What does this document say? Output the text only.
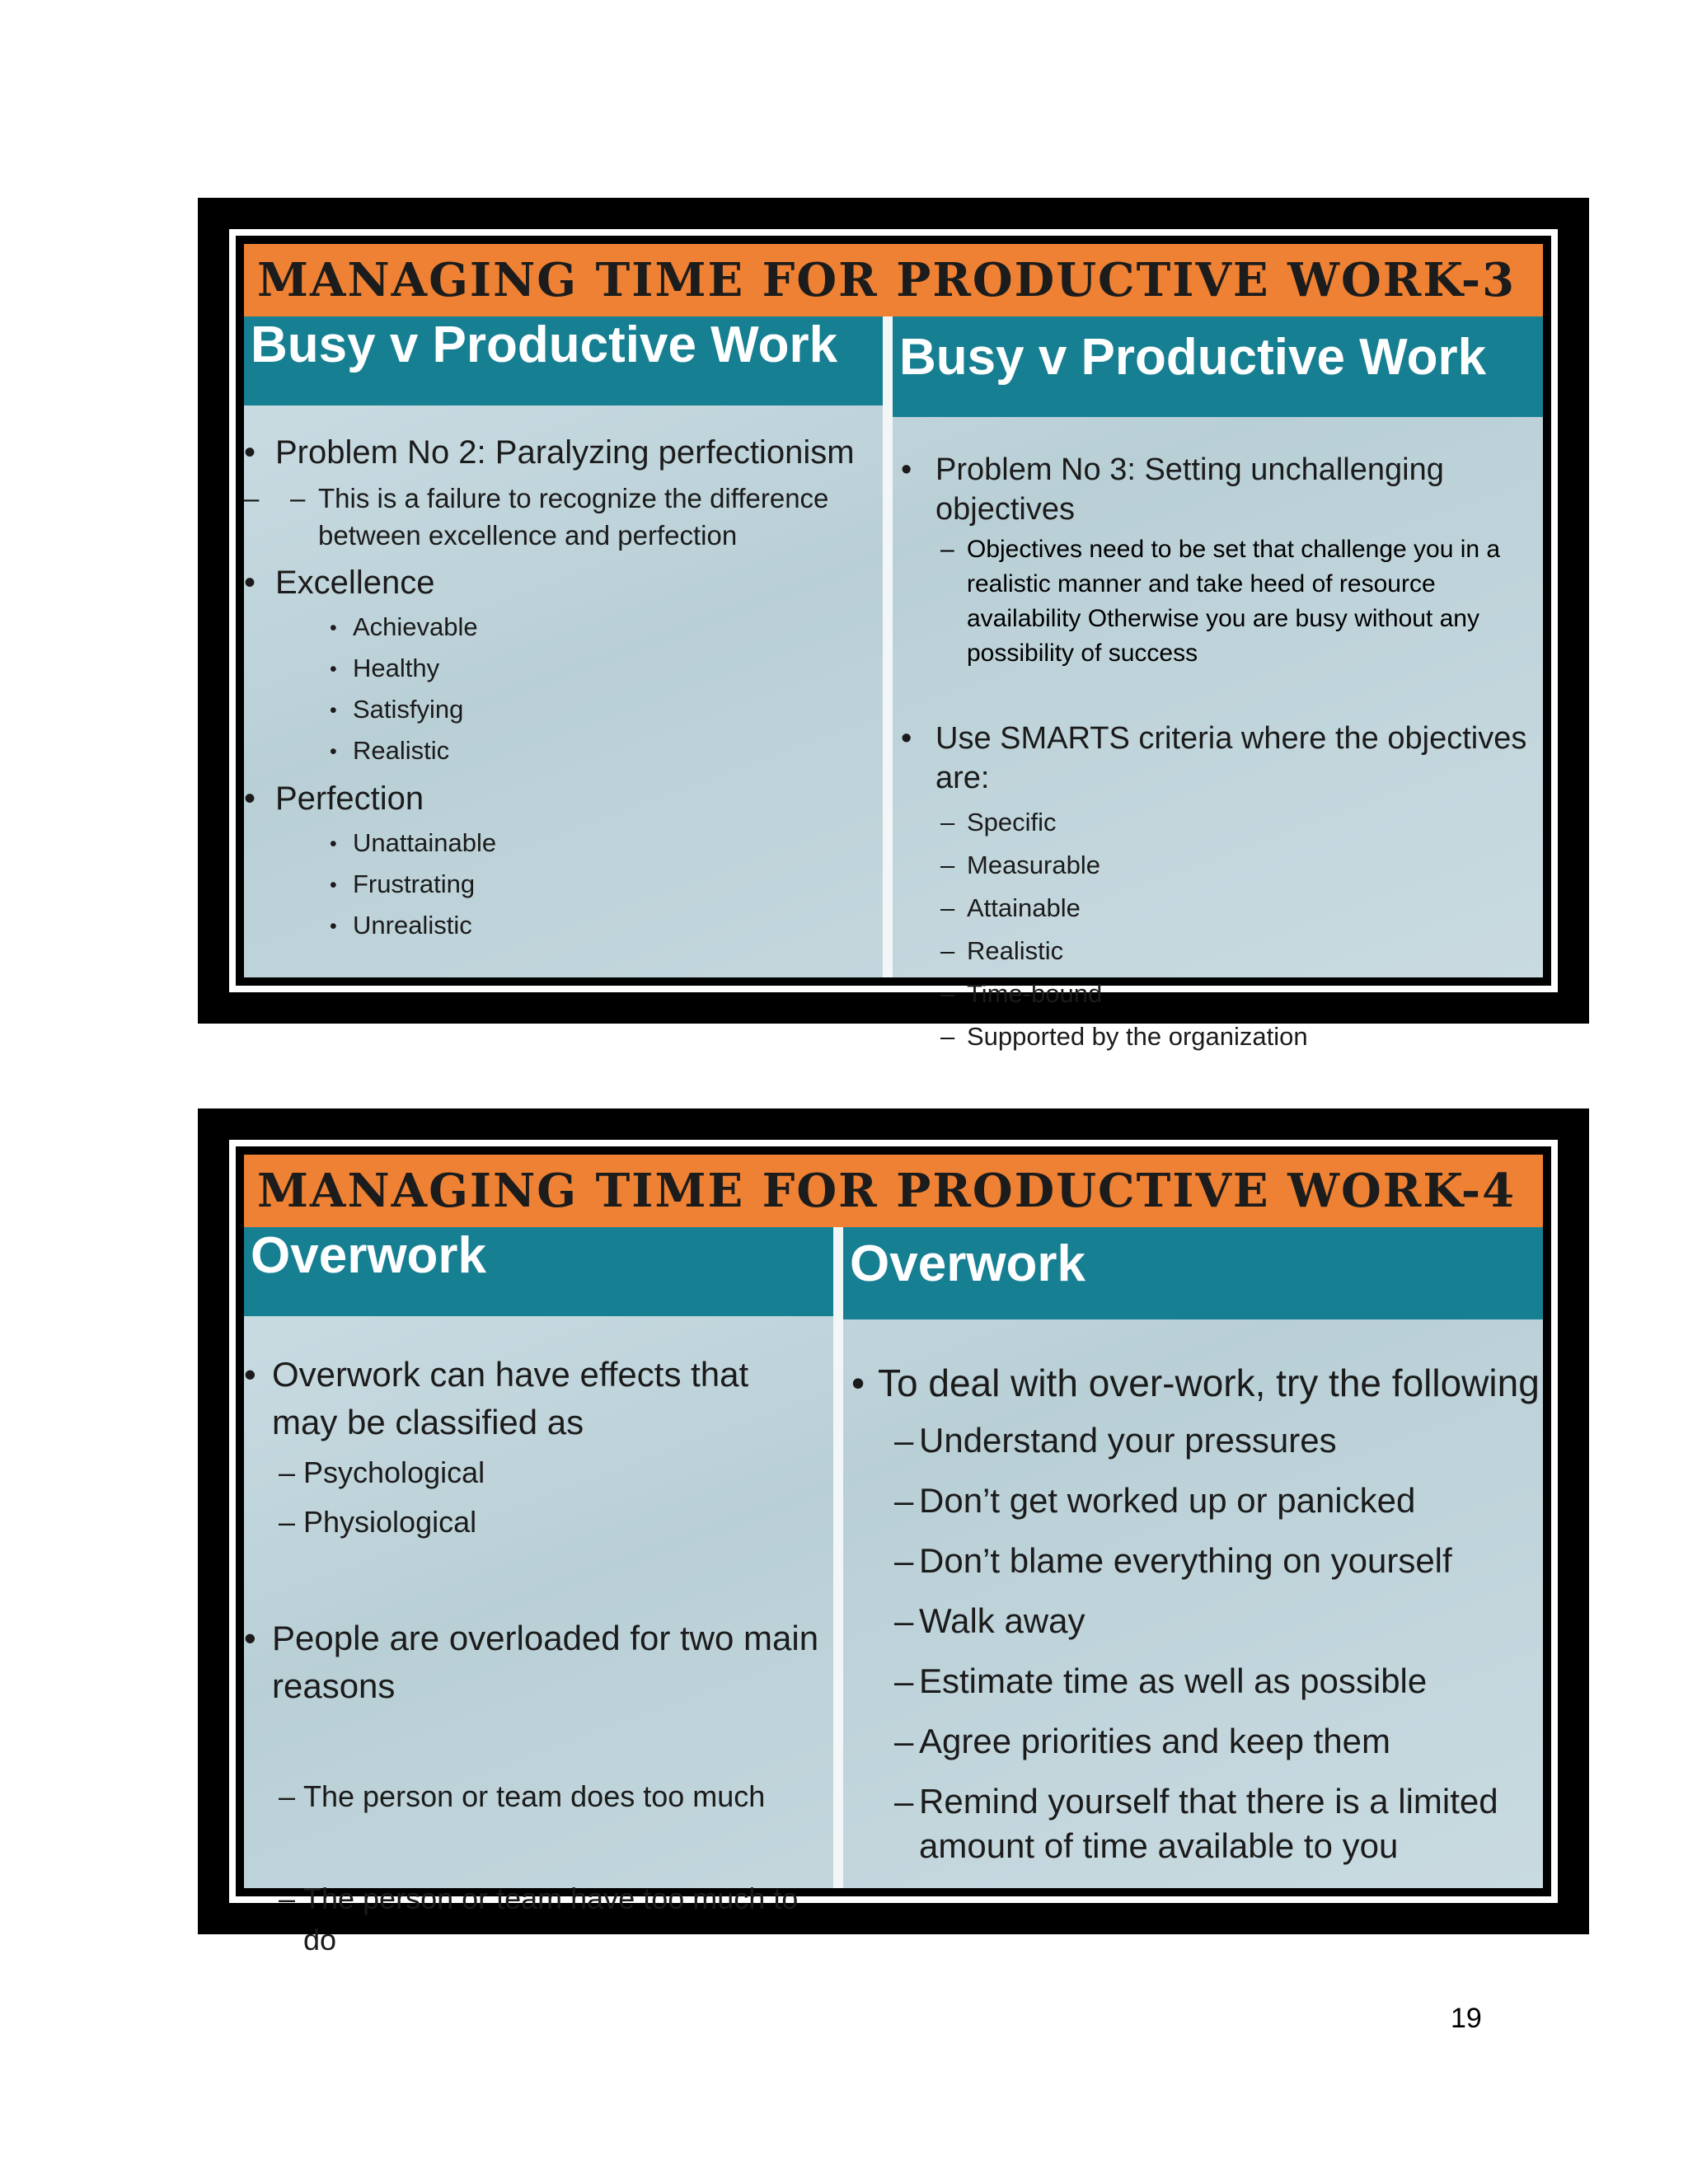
MANAGING TIME FOR PRODUCTIVE WORK-3
Busy v Productive Work
• Problem No 2: Paralyzing perfectionism
– – This is a failure to recognize the difference between excellence and perfection
• Excellence
• Achievable
• Healthy
• Satisfying
• Realistic
• Perfection
• Unattainable
• Frustrating
• Unrealistic
Busy v Productive Work
• Problem No 3: Setting unchallenging objectives
– Objectives need to be set that challenge you in a realistic manner and take heed of resource availability Otherwise you are busy without any possibility of success
• Use SMARTS criteria where the objectives are:
– Specific
– Measurable
– Attainable
– Realistic
– Time-bound
– Supported by the organization
MANAGING TIME FOR PRODUCTIVE WORK-4
Overwork
• Overwork can have effects that may be classified as
– Psychological
– Physiological
• People are overloaded for two main reasons
– The person or team does too much
– The person or team have too much to do
Overwork
• To deal with over-work, try the following
– Understand your pressures
– Don’t get worked up or panicked
– Don’t blame everything on yourself
– Walk away
– Estimate time as well as possible
– Agree priorities and keep them
– Remind yourself that there is a limited amount of time available to you
19
